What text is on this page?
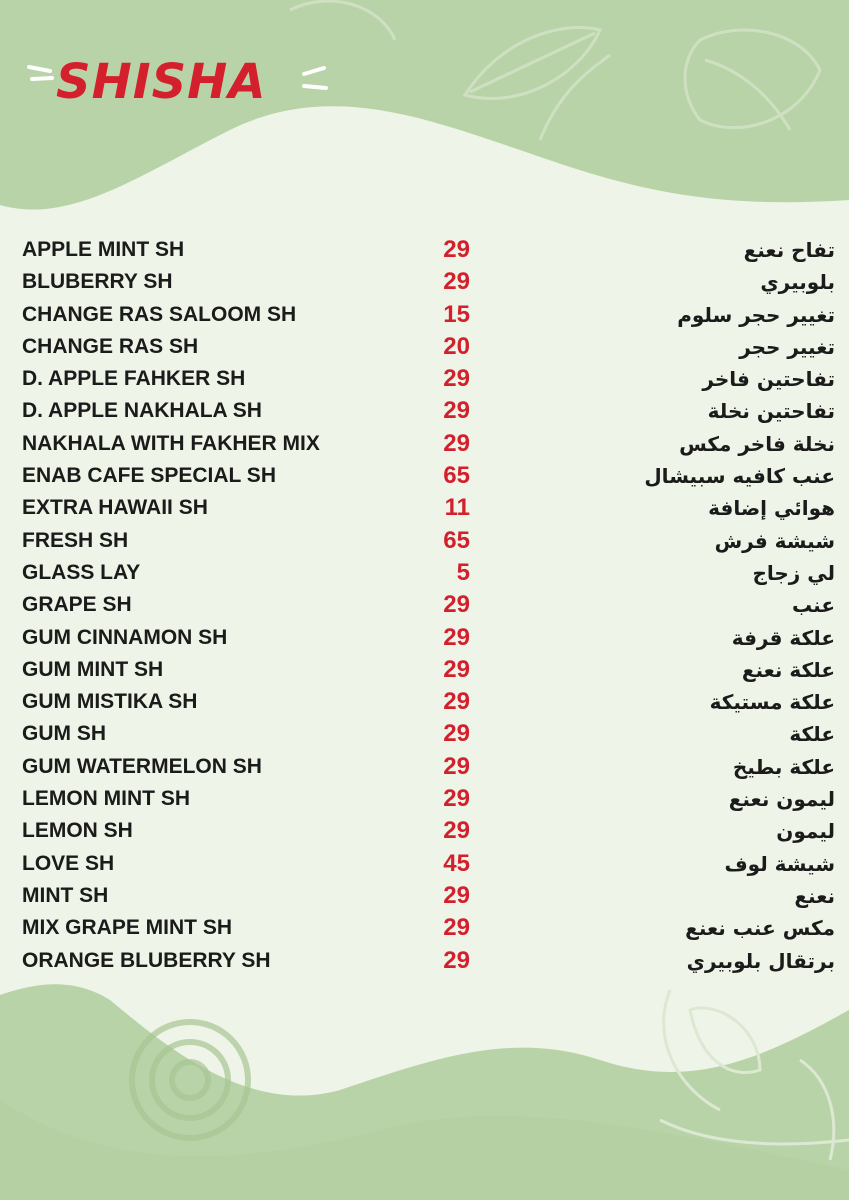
SHISHA
APPLE MINT SH	29	تفاح نعنع
BLUBERRY SH	29	بلوبيري
CHANGE RAS SALOOM SH	15	تغيير حجر سلوم
CHANGE RAS SH	20	تغيير حجر
D. APPLE FAHKER SH	29	تفاحتين فاخر
D. APPLE NAKHALA SH	29	تفاحتين نخلة
NAKHALA WITH FAKHER MIX	29	نخلة فاخر مكس
ENAB CAFE SPECIAL SH	65	عنب كافيه سبيشال
EXTRA HAWAII SH	11	هوائي إضافة
FRESH SH	65	شيشة فرش
GLASS LAY	5	لي زجاج
GRAPE SH	29	عنب
GUM CINNAMON SH	29	علكة قرفة
GUM MINT SH	29	علكة نعنع
GUM MISTIKA SH	29	علكة مستيكة
GUM SH	29	علكة
GUM WATERMELON SH	29	علكة بطيخ
LEMON MINT SH	29	ليمون نعنع
LEMON SH	29	ليمون
LOVE SH	45	شيشة لوف
MINT SH	29	نعنع
MIX GRAPE MINT SH	29	مكس عنب نعنع
ORANGE BLUBERRY SH	29	برتقال بلوبيري
